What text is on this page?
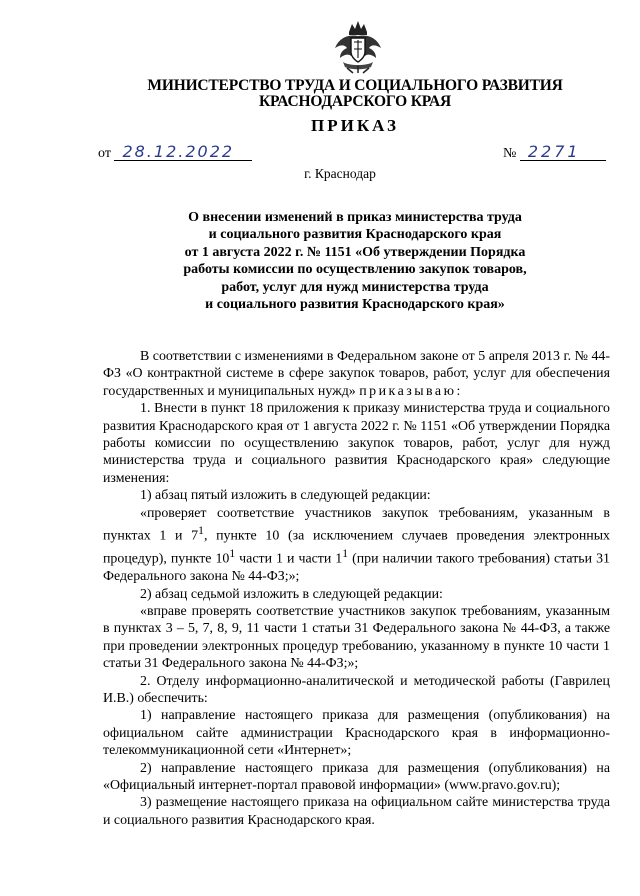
МИНИСТЕРСТВО ТРУДА И СОЦИАЛЬНОГО РАЗВИТИЯ
КРАСНОДАРСКОГО КРАЯ
ПРИКАЗ
от 28.12.2022	№ 2271
г. Краснодар
О внесении изменений в приказ министерства труда
и социального развития Краснодарского края
от 1 августа 2022 г. № 1151 «Об утверждении Порядка
работы комиссии по осуществлению закупок товаров,
работ, услуг для нужд министерства труда
и социального развития Краснодарского края»

В соответствии с изменениями в Федеральном законе от 5 апреля 2013 г. № 44-ФЗ «О контрактной системе в сфере закупок товаров, работ, услуг для обеспечения государственных и муниципальных нужд» приказываю:

1. Внести в пункт 18 приложения к приказу министерства труда и социального развития Краснодарского края от 1 августа 2022 г. № 1151 «Об утверждении Порядка работы комиссии по осуществлению закупок товаров, работ, услуг для нужд министерства труда и социального развития Краснодарского края» следующие изменения:

1) абзац пятый изложить в следующей редакции:

«проверяет соответствие участников закупок требованиям, указанным в пунктах 1 и $7^1$, пункте 10 (за исключением случаев проведения электронных процедур), пункте $10^1$ части 1 и части $1^1$ (при наличии такого требования) статьи 31 Федерального закона № 44-ФЗ;»;

2) абзац седьмой изложить в следующей редакции:

«вправе проверять соответствие участников закупок требованиям, указанным в пунктах 3 – 5, 7, 8, 9, 11 части 1 статьи 31 Федерального закона № 44-ФЗ, а также при проведении электронных процедур требованию, указанному в пункте 10 части 1 статьи 31 Федерального закона № 44-ФЗ;»;

2. Отделу информационно-аналитической и методической работы (Гаврилец И.В.) обеспечить:

1) направление настоящего приказа для размещения (опубликования) на официальном сайте администрации Краснодарского края в информационно-телекоммуникационной сети «Интернет»;

2) направление настоящего приказа для размещения (опубликования) на «Официальный интернет-портал правовой информации» (www.pravo.gov.ru);

3) размещение настоящего приказа на официальном сайте министерства труда и социального развития Краснодарского края.
